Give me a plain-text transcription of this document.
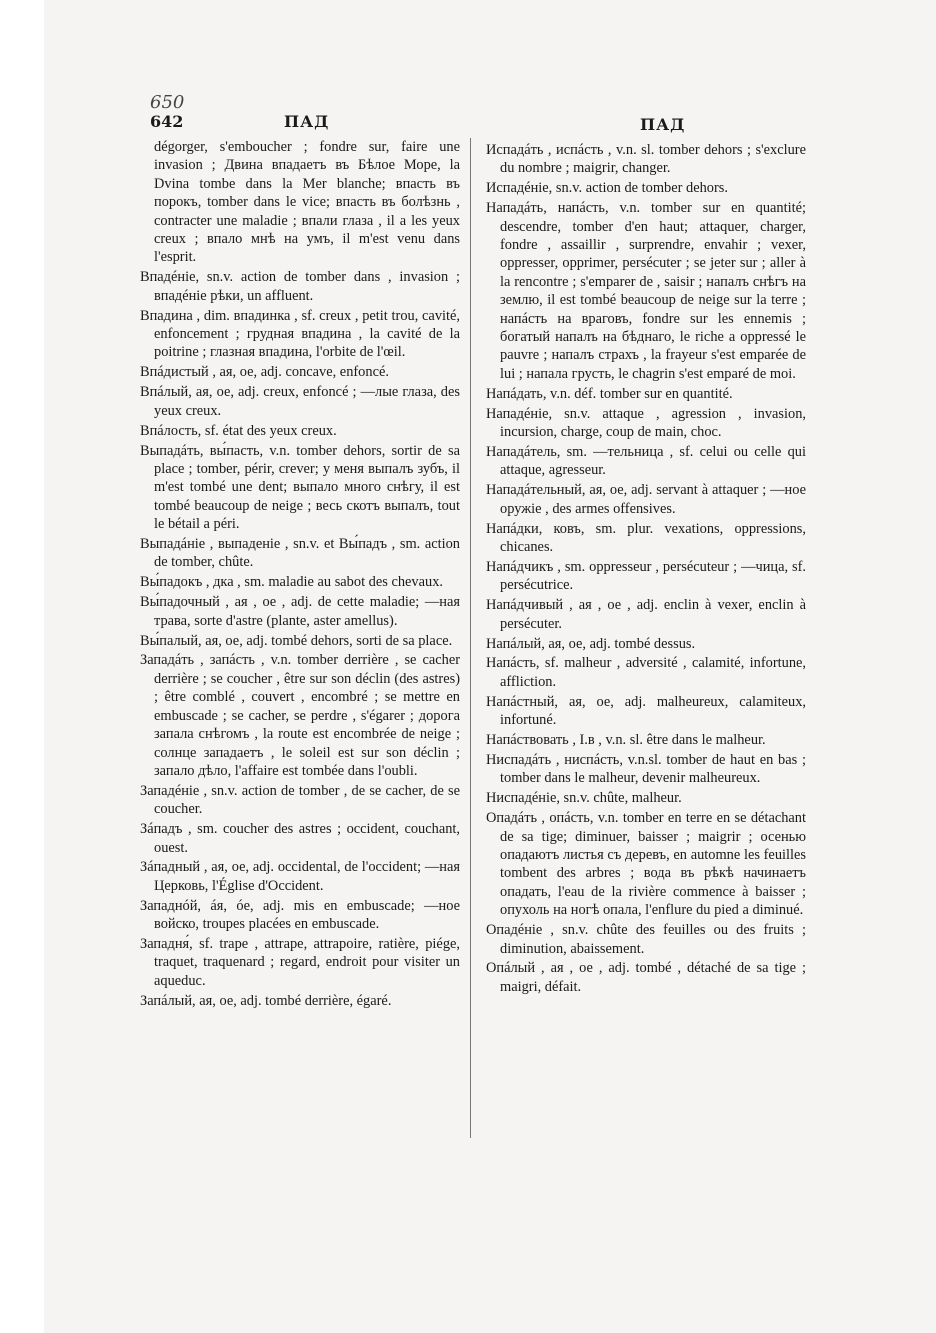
650
642	ПАД	ПАД
dégorger, s'emboucher ; fondre sur, faire une invasion ; Двина впадаетъ въ Бѣлое Море, la Dvina tombe dans la Mer blanche; впасть въ порокъ, tomber dans le vice; впасть въ болѣзнь , contracter une maladie ; впали глаза , il a les yeux creux ; впало мнѣ на умъ, il m'est venu dans l'esprit.
Впадéніе, sn.v. action de tomber dans , invasion ; впадéніе рѣки, un affluent.
Впадина , dim. впадинка , sf. creux , petit trou, cavité, enfoncement ; грудная впадина , la cavité de la poitrine ; глазная впадина, l'orbite de l'œil.
Впáдистый , ая, ое, adj. concave, enfoncé.
Впáлый, ая, ое, adj. creux, enfoncé ; —лые глаза, des yeux creux.
Впáлость, sf. état des yeux creux.
Выпадáть, вы́пасть, v.n. tomber dehors, sortir de sa place ; tomber, périr, crever; у меня выпалъ зубъ, il m'est tombé une dent; выпало много снѣгу, il est tombé beaucoup de neige ; весь скотъ выпалъ, tout le bétail a péri.
Выпадáніе , выпаденіе , sn.v. et Вы́падъ , sm. action de tomber, chûte.
Вы́падокъ , дка , sm. maladie au sabot des chevaux.
Вы́падочный , ая , ое , adj. de cette maladie; —ная трава, sorte d'astre (plante, aster amellus).
Вы́палый, ая, ое, adj. tombé dehors, sorti de sa place.
Западáть , запáсть , v.n. tomber derrière , se cacher derrière ; se coucher , être sur son déclin (des astres) ; être comblé , couvert , encombré ; se mettre en embuscade ; se cacher, se perdre , s'égarer ; дорога запала снѣгомъ , la route est encombrée de neige ; солнце западаетъ , le soleil est sur son déclin ; запало дѣло, l'affaire est tombée dans l'oubli.
Западéніе , sn.v. action de tomber , de se cacher, de se coucher.
Зáпадъ , sm. coucher des astres ; occident, couchant, ouest.
Зáпадный , ая, ое, adj. occidental, de l'occident; —ная Церковь, l'Église d'Occident.
Западнóй, áя, óе, adj. mis en embuscade; —ное войско, troupes placées en embuscade.
Западня́, sf. trape , attrape, attrapoire, ratière, piége, traquet, traquenard ; regard, endroit pour visiter un aqueduc.
Запáлый, ая, ое, adj. tombé derrière, égaré.
Испадáть , испáсть , v.n. sl. tomber dehors ; s'exclure du nombre ; maigrir, changer.
Испадéніе, sn.v. action de tomber dehors.
Нападáть, напáсть, v.n. tomber sur en quantité; descendre, tomber d'en haut; attaquer, charger, fondre , assaillir , surprendre, envahir ; vexer, oppresser, opprimer, persécuter ; se jeter sur ; aller à la rencontre ; s'emparer de , saisir ; напалъ снѣгъ на землю, il est tombé beaucoup de neige sur la terre ; напáсть на враговъ, fondre sur les ennemis ; богатый напалъ на бѣднаго, le riche a oppressé le pauvre ; напалъ страхъ , la frayeur s'est emparée de lui ; напала грусть, le chagrin s'est emparé de moi.
Напáдать, v.n. déf. tomber sur en quantité.
Нападéніе, sn.v. attaque , agression , invasion, incursion, charge, coup de main, choc.
Нападáтель, sm. —тельница , sf. celui ou celle qui attaque, agresseur.
Нападáтельный, ая, ое, adj. servant à attaquer ; —ное оружіе , des armes offensives.
Напáдки, ковъ, sm. plur. vexations, oppressions, chicanes.
Напáдчикъ , sm. oppresseur , persécuteur ; —чица, sf. persécutrice.
Напáдчивый , ая , ое , adj. enclin à vexer, enclin à persécuter.
Напáлый, ая, ое, adj. tombé dessus.
Напáсть, sf. malheur , adversité , calamité, infortune, affliction.
Напáстный, ая, ое, adj. malheureux, calamiteux, infortuné.
Напáствовать , I.в , v.n. sl. être dans le malheur.
Ниспадáть , ниспáсть, v.n.sl. tomber de haut en bas ; tomber dans le malheur, devenir malheureux.
Ниспадéніе, sn.v. chûte, malheur.
Опадáть , опáсть, v.n. tomber en terre en se détachant de sa tige; diminuer, baisser ; maigrir ; осенью опадаютъ листья съ деревъ, en automne les feuilles tombent des arbres ; вода въ рѣкѣ начинаетъ опадать, l'eau de la rivière commence à baisser ; опухоль на ногѣ опала, l'enflure du pied a diminué.
Опадéніе , sn.v. chûte des feuilles ou des fruits ; diminution, abaissement.
Опáлый , ая , ое , adj. tombé , détaché de sa tige ; maigri, défait.
